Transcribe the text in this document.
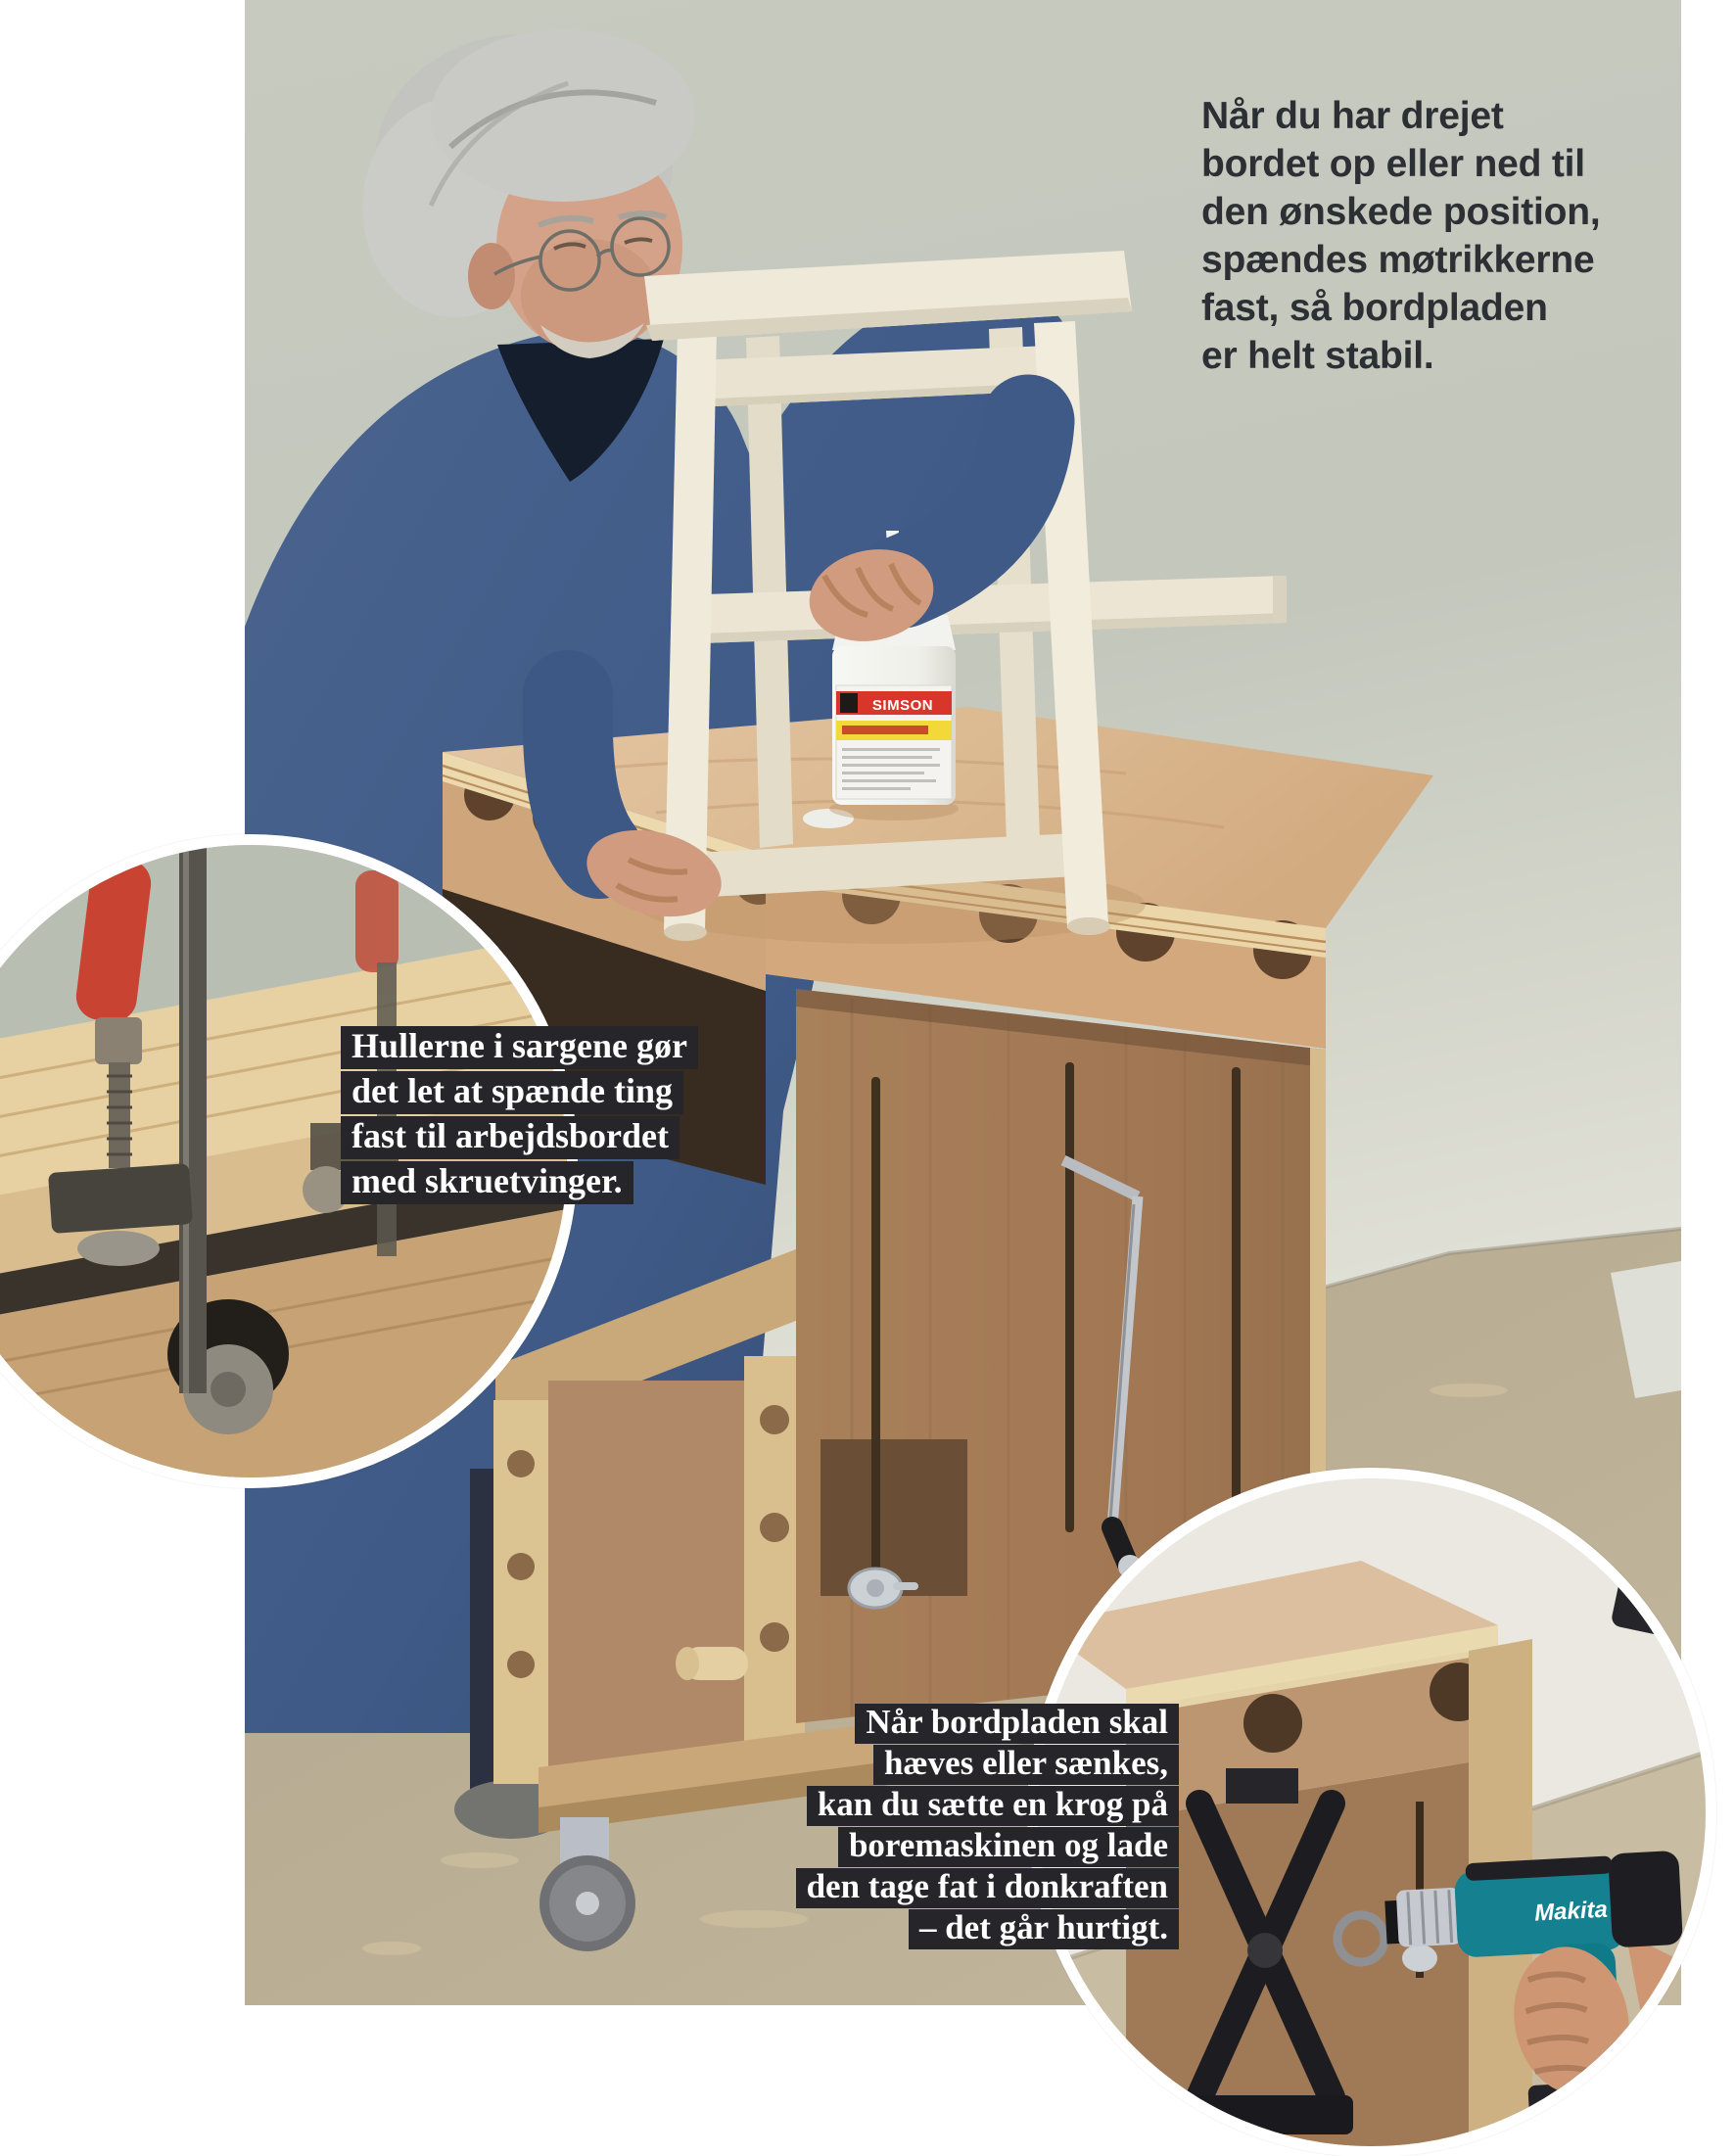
SIMSON
Når du har drejet
bordet op eller ned til
den ønskede position,
spændes møtrikkerne
fast, så bordpladen
er helt stabil.
Hullerne i sargene gør
det let at spænde ting
fast til arbejdsbordet
med skruetvinger.
Makita
18V
Når bordpladen skal
hæves eller sænkes,
kan du sætte en krog på
boremaskinen og lade
den tage fat i donkraften
– det går hurtigt.
